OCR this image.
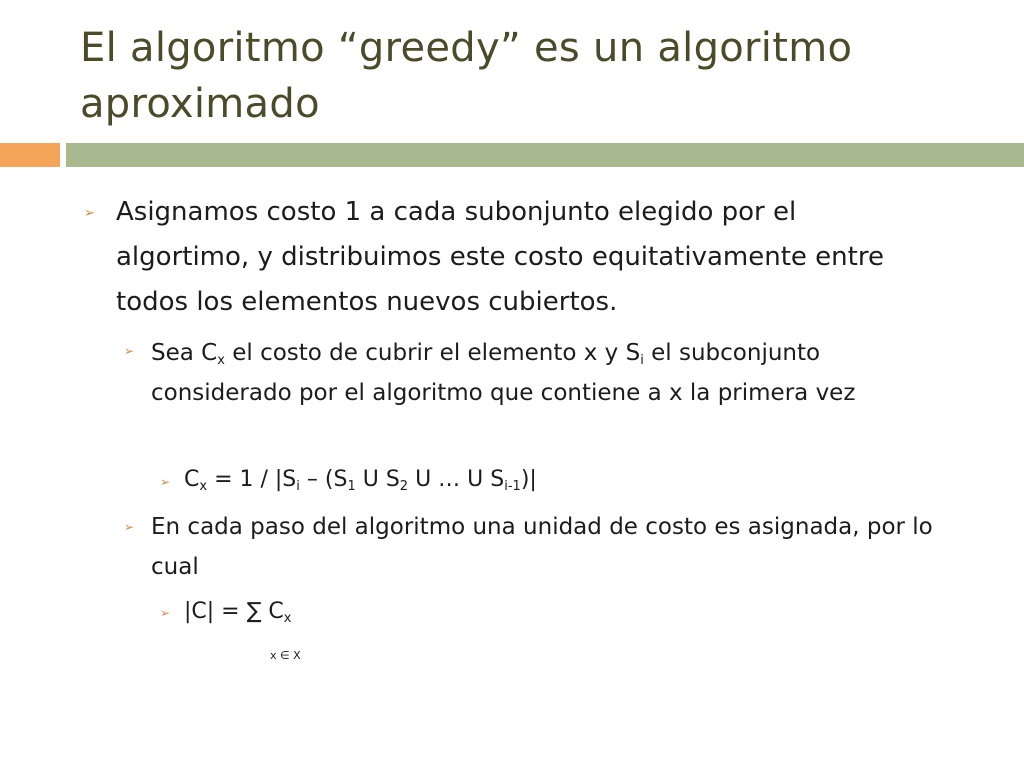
El algoritmo “greedy” es un algoritmo aproximado
➢ Asignamos costo 1 a cada subonjunto elegido por el algortimo, y distribuimos este costo equitativamente entre todos los elementos nuevos cubiertos.
➢ Sea $C_x$ el costo de cubrir el elemento x y $S_i$ el subconjunto considerado por el algoritmo que contiene a x la primera vez
➢ $C_x = 1 / |S_i - (S_1$ U $S_2$ U … U $S_{i-1})|$
➢ En cada paso del algoritmo una unidad de costo es asignada, por lo cual
➢ |C| = ∑ $C_x$
x ∈ X
